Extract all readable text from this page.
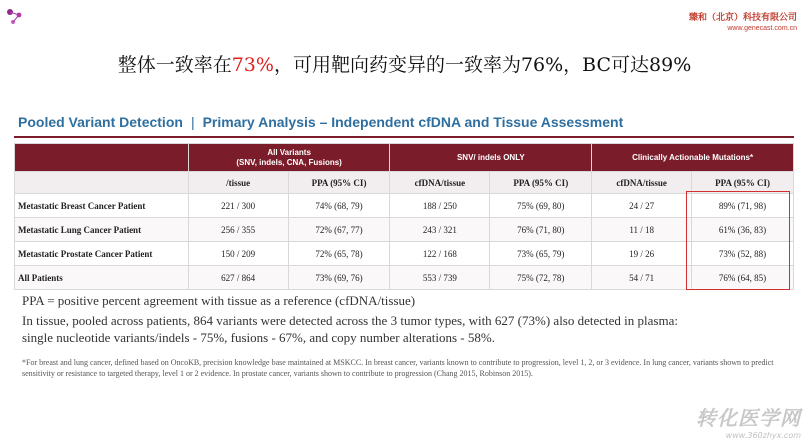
臻和（北京）科技有限公司
www.genecast.com.cn
整体一致率在73%，可用靶向药变异的一致率为76%，BC可达89%
Pooled Variant Detection | Primary Analysis – Independent cfDNA and Tissue Assessment

	All Variants
(SNV, indels, CNA, Fusions)		SNV/ indels ONLY		Clinically Actionable Mutations*	

	/tissue	PPA (95% CI)	cfDNA/tissue	PPA (95% CI)	cfDNA/tissue	PPA (95% CI)
Metastatic Breast Cancer Patient	221 / 300	74% (68, 79)	188 / 250	75% (69, 80)	24 / 27	89% (71, 98)
Metastatic Lung Cancer Patient	256 / 355	72% (67, 77)	243 / 321	76% (71, 80)	11 / 18	61% (36, 83)
Metastatic Prostate Cancer Patient	150 / 209	72% (65, 78)	122 / 168	73% (65, 79)	19 / 26	73% (52, 88)
All Patients	627 / 864	73% (69, 76)	553 / 739	75% (72, 78)	54 / 71	76% (64, 85)
PPA = positive percent agreement with tissue as a reference (cfDNA/tissue)
In tissue, pooled across patients, 864 variants were detected across the 3 tumor types, with 627 (73%) also detected in plasma:
single nucleotide variants/indels - 75%, fusions - 67%, and copy number alterations - 58%.
*For breast and lung cancer, defined based on OncoKB, precision knowledge base maintained at MSKCC. In breast cancer, variants known to contribute to progression, level 1, 2, or 3 evidence. In lung cancer, variants shown to predict sensitivity or resistance to targeted therapy, level 1 or 2 evidence. In prostate cancer, variants shown to contribute to progression (Chang 2015, Robinson 2015).
转化医学网
www.360zhyx.com
